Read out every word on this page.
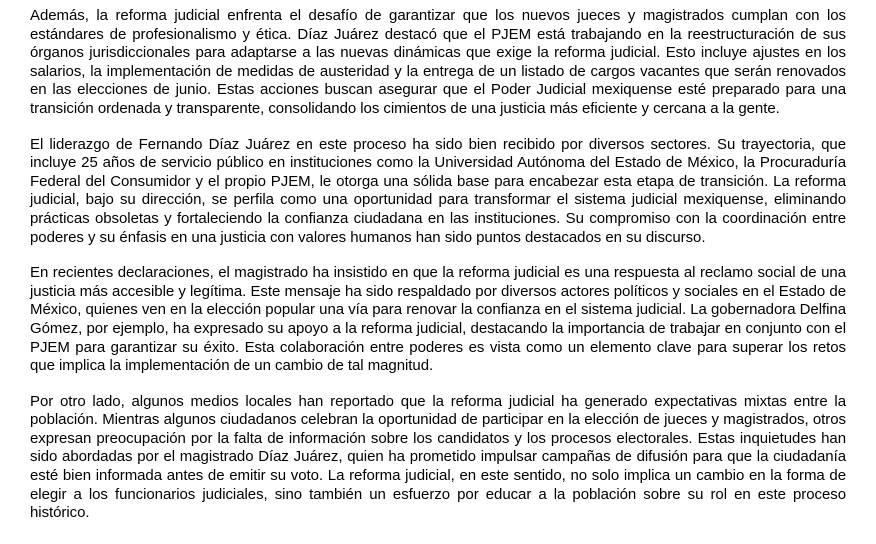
Además, la reforma judicial enfrenta el desafío de garantizar que los nuevos jueces y magistrados cumplan con los estándares de profesionalismo y ética. Díaz Juárez destacó que el PJEM está trabajando en la reestructuración de sus órganos jurisdiccionales para adaptarse a las nuevas dinámicas que exige la reforma judicial. Esto incluye ajustes en los salarios, la implementación de medidas de austeridad y la entrega de un listado de cargos vacantes que serán renovados en las elecciones de junio. Estas acciones buscan asegurar que el Poder Judicial mexiquense esté preparado para una transición ordenada y transparente, consolidando los cimientos de una justicia más eficiente y cercana a la gente.

El liderazgo de Fernando Díaz Juárez en este proceso ha sido bien recibido por diversos sectores. Su trayectoria, que incluye 25 años de servicio público en instituciones como la Universidad Autónoma del Estado de México, la Procuraduría Federal del Consumidor y el propio PJEM, le otorga una sólida base para encabezar esta etapa de transición. La reforma judicial, bajo su dirección, se perfila como una oportunidad para transformar el sistema judicial mexiquense, eliminando prácticas obsoletas y fortaleciendo la confianza ciudadana en las instituciones. Su compromiso con la coordinación entre poderes y su énfasis en una justicia con valores humanos han sido puntos destacados en su discurso.

En recientes declaraciones, el magistrado ha insistido en que la reforma judicial es una respuesta al reclamo social de una justicia más accesible y legítima. Este mensaje ha sido respaldado por diversos actores políticos y sociales en el Estado de México, quienes ven en la elección popular una vía para renovar la confianza en el sistema judicial. La gobernadora Delfina Gómez, por ejemplo, ha expresado su apoyo a la reforma judicial, destacando la importancia de trabajar en conjunto con el PJEM para garantizar su éxito. Esta colaboración entre poderes es vista como un elemento clave para superar los retos que implica la implementación de un cambio de tal magnitud.

Por otro lado, algunos medios locales han reportado que la reforma judicial ha generado expectativas mixtas entre la población. Mientras algunos ciudadanos celebran la oportunidad de participar en la elección de jueces y magistrados, otros expresan preocupación por la falta de información sobre los candidatos y los procesos electorales. Estas inquietudes han sido abordadas por el magistrado Díaz Juárez, quien ha prometido impulsar campañas de difusión para que la ciudadanía esté bien informada antes de emitir su voto. La reforma judicial, en este sentido, no solo implica un cambio en la forma de elegir a los funcionarios judiciales, sino también un esfuerzo por educar a la población sobre su rol en este proceso histórico.
